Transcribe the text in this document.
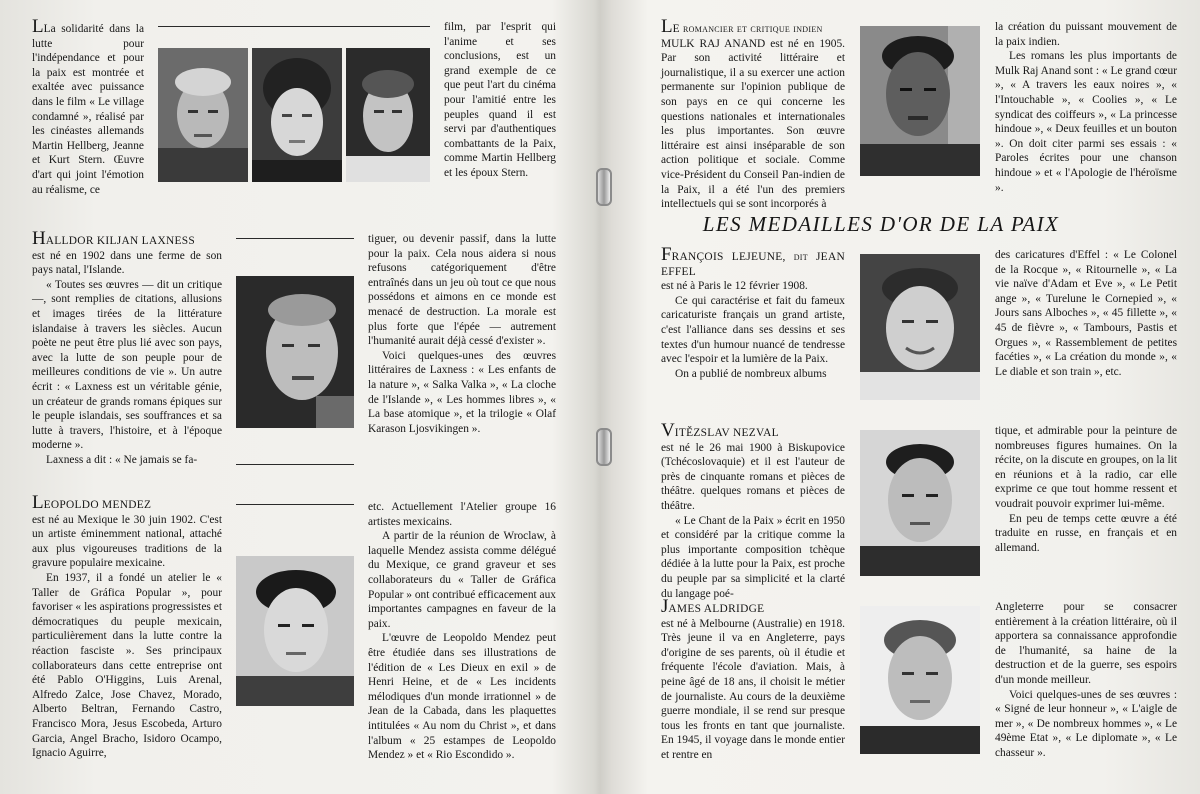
LLa solidarité dans la lutte pour l'indépendance et pour la paix est montrée et exaltée avec puissance dans le film « Le village condamné », réalisé par les cinéastes allemands Martin Hellberg, Jeanne et Kurt Stern. Œuvre d'art qui joint l'émotion au réalisme, ce

film, par l'esprit qui l'anime et ses conclusions, est un grand exemple de ce que peut l'art du cinéma pour l'amitié entre les peuples quand il est servi par d'authentiques combattants de la Paix, comme Martin Hellberg et les époux Stern.

HALLDOR KILJAN LAXNESS

est né en 1902 dans une ferme de son pays natal, l'Islande.

« Toutes ses œuvres — dit un critique —, sont remplies de citations, allusions et images tirées de la littérature islandaise à travers les siècles. Aucun poète ne peut être plus lié avec son pays, avec la lutte de son peuple pour de meilleures conditions de vie ». Un autre écrit : « Laxness est un véritable génie, un créateur de grands romans épiques sur le peuple islandais, ses souffrances et sa lutte à travers, l'histoire, et à l'époque moderne ».

Laxness a dit : « Ne jamais se fa-

tiguer, ou devenir passif, dans la lutte pour la paix. Cela nous aidera si nous refusons catégoriquement d'être entraînés dans un jeu où tout ce que nous possédons et aimons en ce monde est menacé de destruction. La morale est plus forte que l'épée — autrement l'humanité aurait déjà cessé d'exister ».

Voici quelques-unes des œuvres littéraires de Laxness : « Les enfants de la nature », « Salka Valka », « La cloche de l'Islande », « Les hommes libres », « La base atomique », et la trilogie « Olaf Karason Ljosvikingen ».

LEOPOLDO MENDEZ

est né au Mexique le 30 juin 1902. C'est un artiste éminemment national, attaché aux plus vigoureuses traditions de la gravure populaire mexicaine.

En 1937, il a fondé un atelier le « Taller de Gráfica Popular », pour favoriser « les aspirations progressistes et démocratiques du peuple mexicain, particulièrement dans la lutte contre la réaction fasciste ». Ses principaux collaborateurs dans cette entreprise ont été Pablo O'Higgins, Luis Arenal, Alfredo Zalce, Jose Chavez, Morado, Alberto Beltran, Fernando Castro, Francisco Mora, Jesus Escobeda, Arturo Garcia, Angel Bracho, Isidoro Ocampo, Ignacio Aguirre,

etc. Actuellement l'Atelier groupe 16 artistes mexicains.

A partir de la réunion de Wroclaw, à laquelle Mendez assista comme délégué du Mexique, ce grand graveur et ses collaborateurs du « Taller de Gráfica Popular » ont contribué efficacement aux importantes campagnes en faveur de la paix.

L'œuvre de Leopoldo Mendez peut être étudiée dans ses illustrations de l'édition de « Les Dieux en exil » de Henri Heine, et de « Les incidents mélodiques d'un monde irrationnel » de Jean de la Cabada, dans les plaquettes intitulées « Au nom du Christ », et dans l'album « 25 estampes de Leopoldo Mendez » et « Rio Escondido ».

LE romancier et critique indien

MULK RAJ ANAND est né en 1905. Par son activité littéraire et journalistique, il a su exercer une action permanente sur l'opinion publique de son pays en ce qui concerne les questions nationales et internationales les plus importantes. Son œuvre littéraire est ainsi inséparable de son action politique et sociale. Comme vice-Président du Conseil Pan-indien de la Paix, il a été l'un des premiers intellectuels qui se sont incorporés à

la création du puissant mouvement de la paix indien.

Les romans les plus importants de Mulk Raj Anand sont : « Le grand cœur », « A travers les eaux noires », « l'Intouchable », « Coolies », « Le syndicat des coiffeurs », « La princesse hindoue », « Deux feuilles et un bouton ». On doit citer parmi ses essais : « Paroles écrites pour une chanson hindoue » et « l'Apologie de l'héroïsme ».

LES MEDAILLES D'OR DE LA PAIX

FRANÇOIS LEJEUNE, dit JEAN EFFEL

est né à Paris le 12 février 1908.

Ce qui caractérise et fait du fameux caricaturiste français un grand artiste, c'est l'alliance dans ses dessins et ses textes d'un humour nuancé de tendresse avec l'espoir et la lumière de la Paix.

On a publié de nombreux albums

des caricatures d'Effel : « Le Colonel de la Rocque », « Ritournelle », « La vie naïve d'Adam et Eve », « Le Petit ange », « Turelune le Cornepied », « Jours sans Alboches », « 45 fillette », « 45 de fièvre », « Tambours, Pastis et Orgues », « Rassemblement de petites facéties », « La création du monde », « Le diable et son train », etc.

VITĚZSLAV NEZVAL

est né le 26 mai 1900 à Biskupovice (Tchécoslovaquie) et il est l'auteur de près de cinquante romans et pièces de théâtre. quelques romans et pièces de théâtre.

« Le Chant de la Paix » écrit en 1950 et considéré par la critique comme la plus importante composition tchèque dédiée à la lutte pour la Paix, est proche du peuple par sa simplicité et la clarté du langage poé-

tique, et admirable pour la peinture de nombreuses figures humaines. On la récite, on la discute en groupes, on la lit en réunions et à la radio, car elle exprime ce que tout homme ressent et voudrait pouvoir exprimer lui-même.

En peu de temps cette œuvre a été traduite en russe, en français et en allemand.

JAMES ALDRIDGE

est né à Melbourne (Australie) en 1918. Très jeune il va en Angleterre, pays d'origine de ses parents, où il étudie et fréquente l'école d'aviation. Mais, à peine âgé de 18 ans, il choisit le métier de journaliste. Au cours de la deuxième guerre mondiale, il se rend sur presque tous les fronts en tant que journaliste. En 1945, il voyage dans le monde entier et rentre en

Angleterre pour se consacrer entièrement à la création littéraire, où il apportera sa connaissance approfondie de l'humanité, sa haine de la destruction et de la guerre, ses espoirs d'un monde meilleur.

Voici quelques-unes de ses œuvres : « Signé de leur honneur », « L'aigle de mer », « De nombreux hommes », « Le 49ème Etat », « Le diplomate », « Le chasseur ».
